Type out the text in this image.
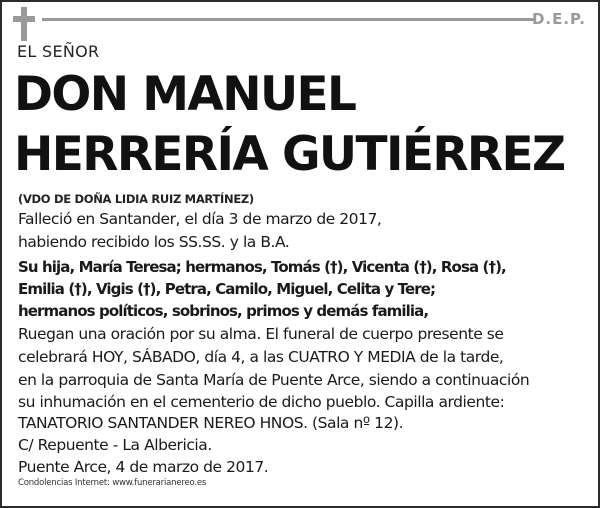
D.E.P.
EL SEÑOR
DON MANUEL
HERRERÍA GUTIÉRREZ
(VDO DE DOÑA LIDIA RUIZ MARTÍNEZ)
Falleció en Santander, el día 3 de marzo de 2017,
habiendo recibido los SS.SS. y la B.A.
Su hija, María Teresa; hermanos, Tomás (†), Vicenta (†), Rosa (†),
Emilia (†), Vigis (†), Petra, Camilo, Miguel, Celita y Tere;
hermanos políticos, sobrinos, primos y demás familia,
Ruegan una oración por su alma. El funeral de cuerpo presente se
celebrará HOY, SÁBADO, día 4, a las CUATRO Y MEDIA de la tarde,
en la parroquia de Santa María de Puente Arce, siendo a continuación
su inhumación en el cementerio de dicho pueblo. Capilla ardiente:
TANATORIO SANTANDER NEREO HNOS. (Sala nº 12).
C/ Repuente - La Albericia.
Puente Arce, 4 de marzo de 2017.
Condolencias Internet: www.funerarianereo.es
